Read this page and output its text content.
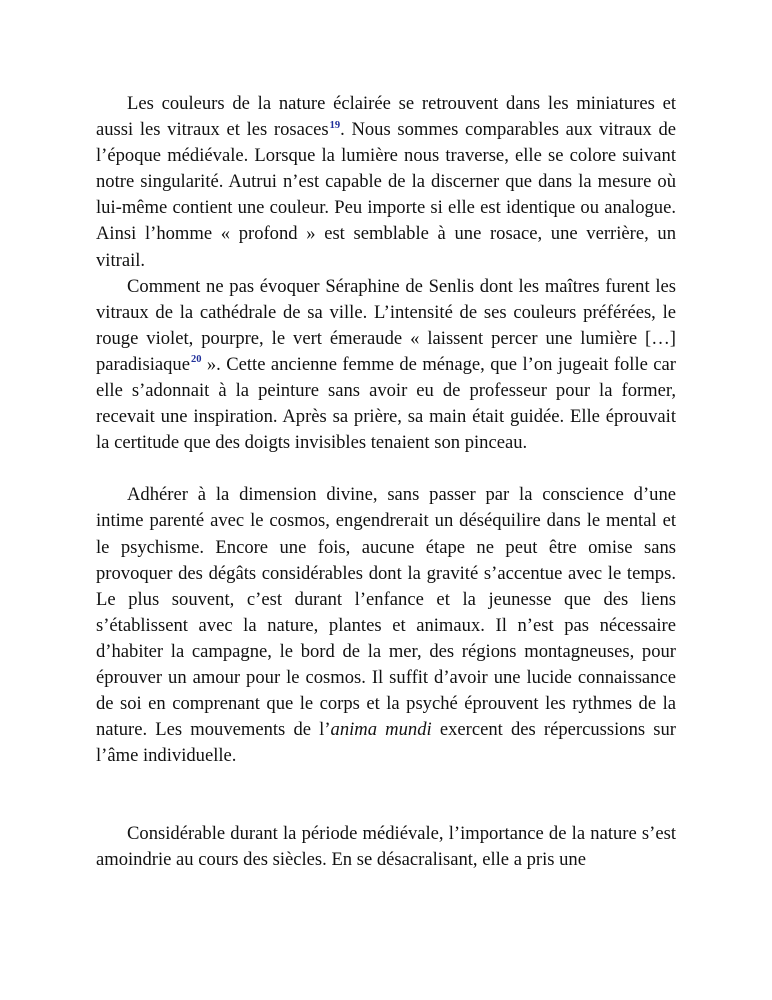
Les couleurs de la nature éclairée se retrouvent dans les miniatures et aussi les vitraux et les rosaces$^{19}$. Nous sommes comparables aux vitraux de l’époque médiévale. Lorsque la lumière nous traverse, elle se colore suivant notre singularité. Autrui n’est capable de la discerner que dans la mesure où lui-même contient une couleur. Peu importe si elle est identique ou analogue. Ainsi l’homme « profond » est semblable à une rosace, une verrière, un vitrail.

Comment ne pas évoquer Séraphine de Senlis dont les maîtres furent les vitraux de la cathédrale de sa ville. L’intensité de ses couleurs préférées, le rouge violet, pourpre, le vert émeraude « laissent percer une lumière […] paradisiaque$^{20}$ ». Cette ancienne femme de ménage, que l’on jugeait folle car elle s’adonnait à la peinture sans avoir eu de professeur pour la former, recevait une inspiration. Après sa prière, sa main était guidée. Elle éprouvait la certitude que des doigts invisibles tenaient son pinceau.

Adhérer à la dimension divine, sans passer par la conscience d’une intime parenté avec le cosmos, engendrerait un déséquilire dans le mental et le psychisme. Encore une fois, aucune étape ne peut être omise sans provoquer des dégâts considérables dont la gravité s’accentue avec le temps. Le plus souvent, c’est durant l’enfance et la jeunesse que des liens s’établissent avec la nature, plantes et animaux. Il n’est pas nécessaire d’habiter la campagne, le bord de la mer, des régions montagneuses, pour éprouver un amour pour le cosmos. Il suffit d’avoir une lucide connaissance de soi en comprenant que le corps et la psyché éprouvent les rythmes de la nature. Les mouvements de l’anima mundi exercent des répercussions sur l’âme individuelle.

Considérable durant la période médiévale, l’importance de la nature s’est amoindrie au cours des siècles. En se désacralisant, elle a pris une
